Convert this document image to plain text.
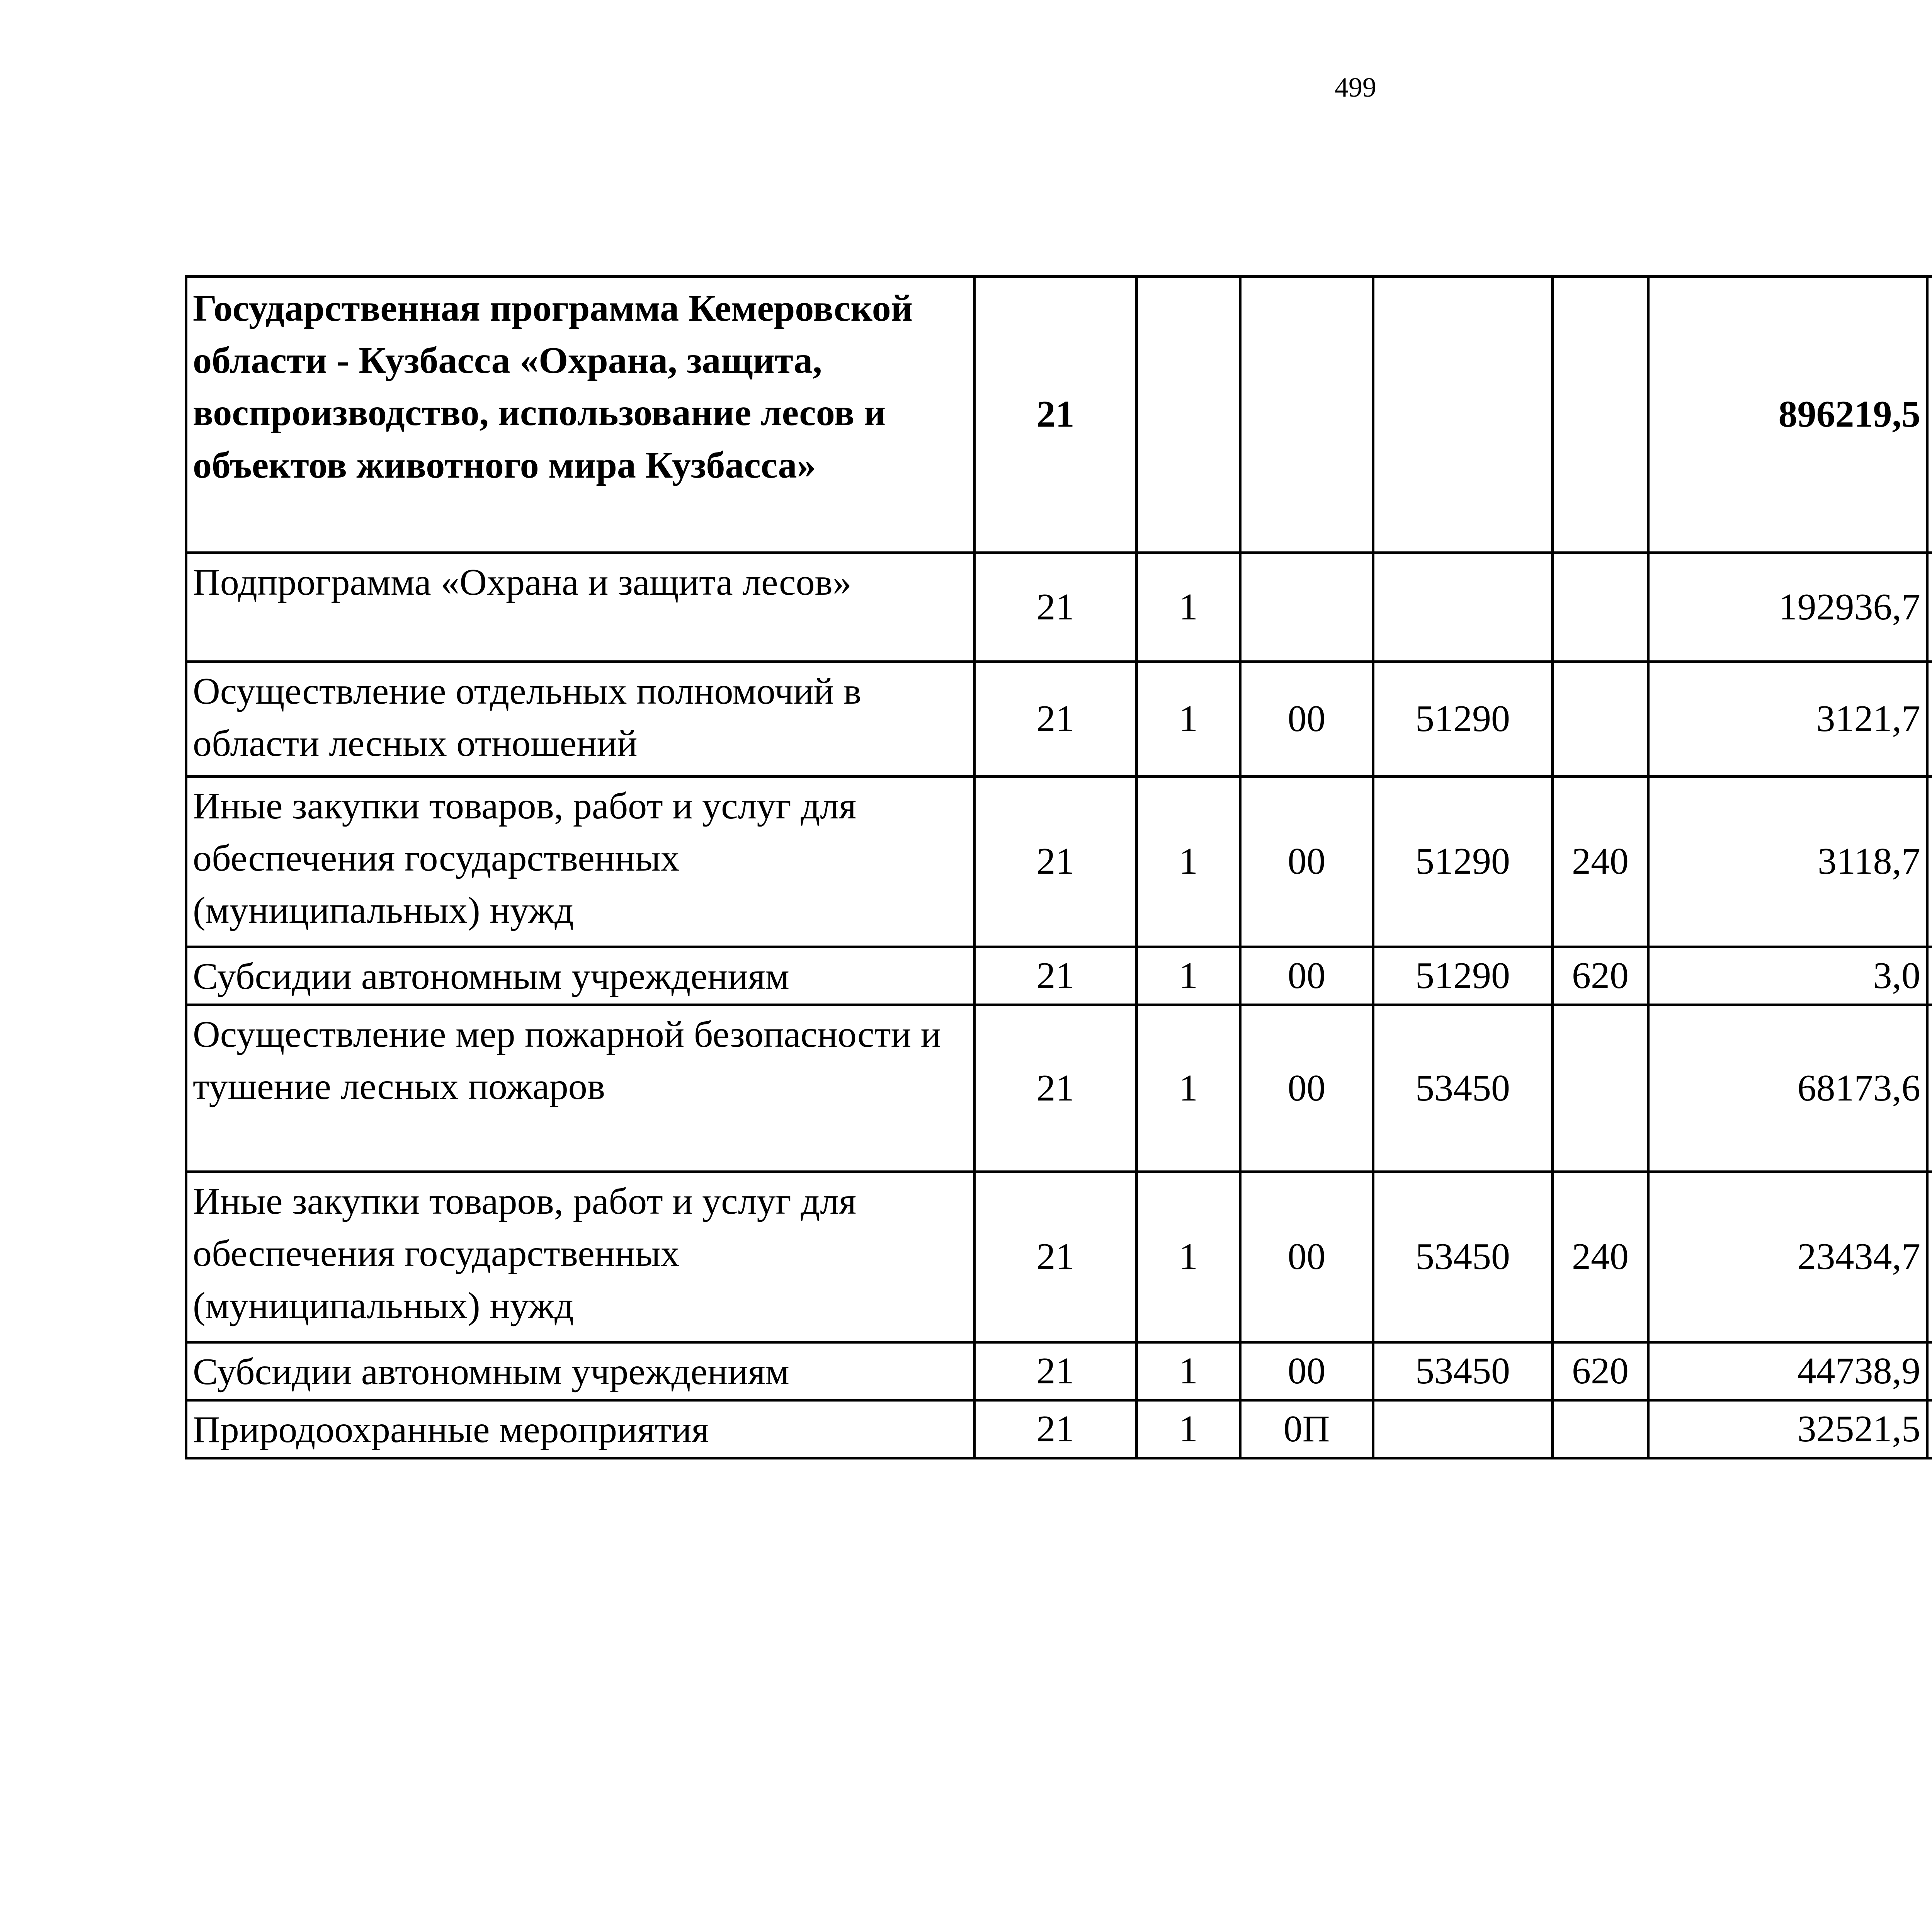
499
Государственная программа Кемеровской области - Кузбасса «Охрана, защита, воспроизводство, использование лесов и объектов животного мира Кузбасса»	21					896219,5		
Подпрограмма «Охрана и защита лесов»	21	1				192936,7		
Осуществление отдельных полномочий в области лесных отношений	21	1	00	51290		3121,7		
Иные закупки товаров, работ и услуг для обеспечения государственных (муниципальных) нужд	21	1	00	51290	240	3118,7		
Субсидии автономным учреждениям	21	1	00	51290	620	3,0		
Осуществление мер пожарной безопасности и тушение лесных пожаров	21	1	00	53450		68173,6		
Иные закупки товаров, работ и услуг для обеспечения государственных (муниципальных) нужд	21	1	00	53450	240	23434,7		
Субсидии автономным учреждениям	21	1	00	53450	620	44738,9		
Природоохранные мероприятия	21	1	0П			32521,5		
